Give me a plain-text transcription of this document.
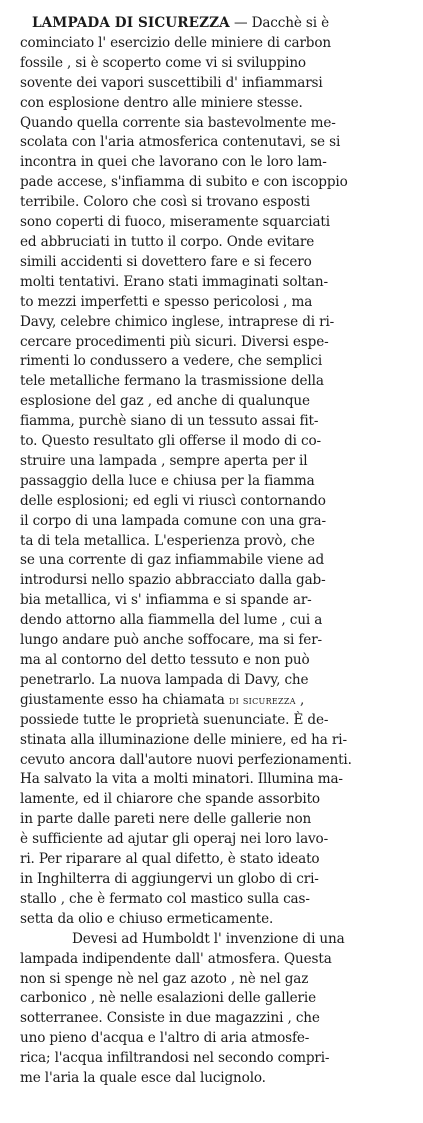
LAMPADA DI SICUREZZA — Dacchè si è
cominciato l' esercizio delle miniere di carbon
fossile , si è scoperto come vi si sviluppino
sovente dei vapori suscettibili d' infiammarsi
con esplosione dentro alle miniere stesse.
Quando quella corrente sia bastevolmente me-
scolata con l'aria atmosferica contenutavi, se si
incontra in quei che lavorano con le loro lam-
pade accese, s'infiamma di subito e con iscoppio
terribile. Coloro che così si trovano esposti
sono coperti di fuoco, miseramente squarciati
ed abbruciati in tutto il corpo. Onde evitare
simili accidenti si dovettero fare e si fecero
molti tentativi. Erano stati immaginati soltan-
to mezzi imperfetti e spesso pericolosi , ma
Davy, celebre chimico inglese, intraprese di ri-
cercare procedimenti più sicuri. Diversi espe-
rimenti lo condussero a vedere, che semplici
tele metalliche fermano la trasmissione della
esplosione del gaz , ed anche di qualunque
fiamma, purchè siano di un tessuto assai fit-
to. Questo resultato gli offerse il modo di co-
struire una lampada , sempre aperta per il
passaggio della luce e chiusa per la fiamma
delle esplosioni; ed egli vi riuscì contornando
il corpo di una lampada comune con una gra-
ta di tela metallica. L'esperienza provò, che
se una corrente di gaz infiammabile viene ad
introdursi nello spazio abbracciato dalla gab-
bia metallica, vi s' infiamma e si spande ar-
dendo attorno alla fiammella del lume , cui a
lungo andare può anche soffocare, ma si fer-
ma al contorno del detto tessuto e non può
penetrarlo. La nuova lampada di Davy, che
giustamente esso ha chiamata di sicurezza ,
possiede tutte le proprietà suenunciate. È de-
stinata alla illuminazione delle miniere, ed ha ri-
cevuto ancora dall'autore nuovi perfezionamenti.
Ha salvato la vita a molti minatori. Illumina ma-
lamente, ed il chiarore che spande assorbito
in parte dalle pareti nere delle gallerie non
è sufficiente ad ajutar gli operaj nei loro lavo-
ri. Per riparare al qual difetto, è stato ideato
in Inghilterra di aggiungervi un globo di cri-
stallo , che è fermato col mastico sulla cas-
setta da olio e chiuso ermeticamente.
Devesi ad Humboldt l' invenzione di una
lampada indipendente dall' atmosfera. Questa
non si spenge nè nel gaz azoto , nè nel gaz
carbonico , nè nelle esalazioni delle gallerie
sotterranee. Consiste in due magazzini , che
uno pieno d'acqua e l'altro di aria atmosfe-
rica; l'acqua infiltrandosi nel secondo compri-
me l'aria la quale esce dal lucignolo.
